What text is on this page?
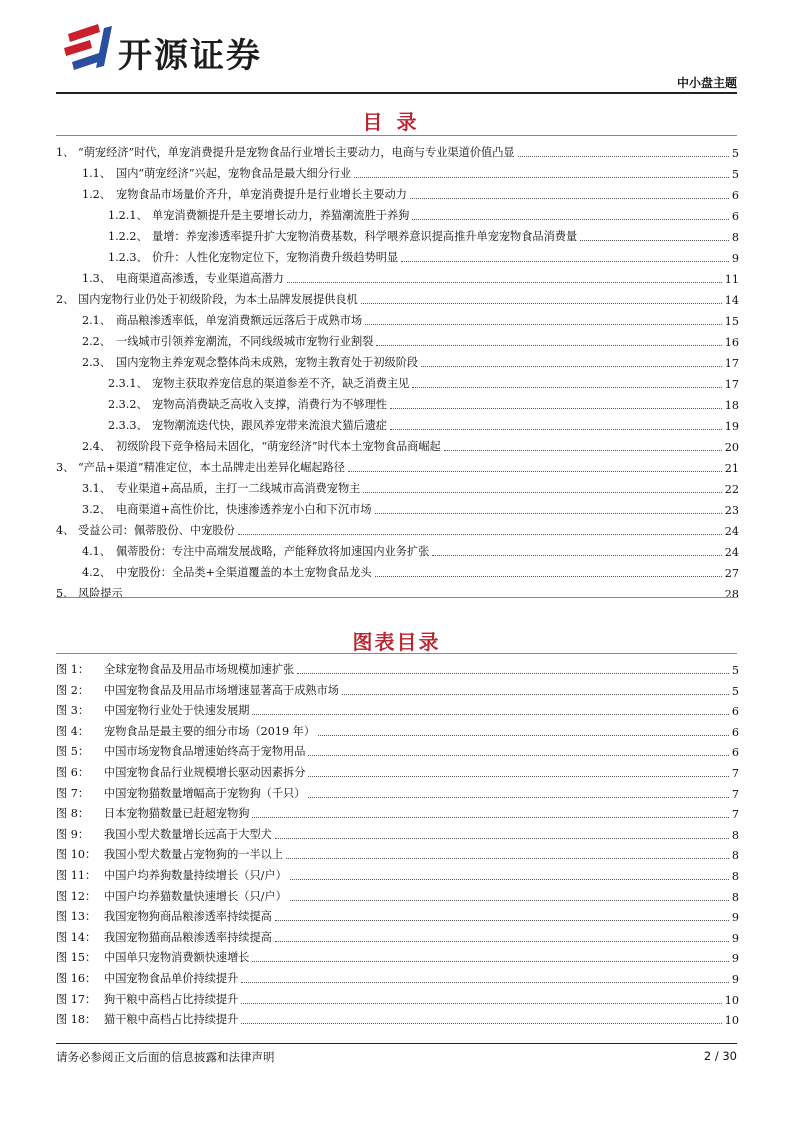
开源证券
中小盘主题
目录
1、 “萌宠经济”时代，单宠消费提升是宠物食品行业增长主要动力，电商与专业渠道价值凸显	5
1.1、 国内“萌宠经济”兴起，宠物食品是最大细分行业	5
1.2、 宠物食品市场量价齐升，单宠消费提升是行业增长主要动力	6
1.2.1、 单宠消费额提升是主要增长动力，养猫潮流胜于养狗	6
1.2.2、 量增：养宠渗透率提升扩大宠物消费基数，科学喂养意识提高推升单宠宠物食品消费量	8
1.2.3、 价升：人性化宠物定位下，宠物消费升级趋势明显	9
1.3、 电商渠道高渗透，专业渠道高潜力	11
2、 国内宠物行业仍处于初级阶段，为本土品牌发展提供良机	14
2.1、 商品粮渗透率低，单宠消费额远远落后于成熟市场	15
2.2、 一线城市引领养宠潮流，不同线级城市宠物行业割裂	16
2.3、 国内宠物主养宠观念整体尚未成熟，宠物主教育处于初级阶段	17
2.3.1、 宠物主获取养宠信息的渠道参差不齐，缺乏消费主见	17
2.3.2、 宠物高消费缺乏高收入支撑，消费行为不够理性	18
2.3.3、 宠物潮流迭代快，跟风养宠带来流浪犬猫后遗症	19
2.4、 初级阶段下竞争格局未固化，“萌宠经济”时代本土宠物食品商崛起	20
3、 “产品+渠道”精准定位，本土品牌走出差异化崛起路径	21
3.1、 专业渠道+高品质，主打一二线城市高消费宠物主	22
3.2、 电商渠道+高性价比，快速渗透养宠小白和下沉市场	23
4、 受益公司：佩蒂股份、中宠股份	24
4.1、 佩蒂股份：专注中高端发展战略，产能释放将加速国内业务扩张	24
4.2、 中宠股份：全品类+全渠道覆盖的本土宠物食品龙头	27
5、 风险提示	28
图表目录
图 1：	全球宠物食品及用品市场规模加速扩张	5
图 2：	中国宠物食品及用品市场增速显著高于成熟市场	5
图 3：	中国宠物行业处于快速发展期	6
图 4：	宠物食品是最主要的细分市场（2019 年）	6
图 5：	中国市场宠物食品增速始终高于宠物用品	6
图 6：	中国宠物食品行业规模增长驱动因素拆分	7
图 7：	中国宠物猫数量增幅高于宠物狗（千只）	7
图 8：	日本宠物猫数量已赶超宠物狗	7
图 9：	我国小型犬数量增长远高于大型犬	8
图 10： 我国小型犬数量占宠物狗的一半以上	8
图 11： 中国户均养狗数量持续增长（只/户）	8
图 12： 中国户均养猫数量快速增长（只/户）	8
图 13： 我国宠物狗商品粮渗透率持续提高	9
图 14： 我国宠物猫商品粮渗透率持续提高	9
图 15： 中国单只宠物消费额快速增长	9
图 16： 中国宠物食品单价持续提升	9
图 17： 狗干粮中高档占比持续提升	10
图 18： 猫干粮中高档占比持续提升	10
请务必参阅正文后面的信息披露和法律声明	2 / 30
